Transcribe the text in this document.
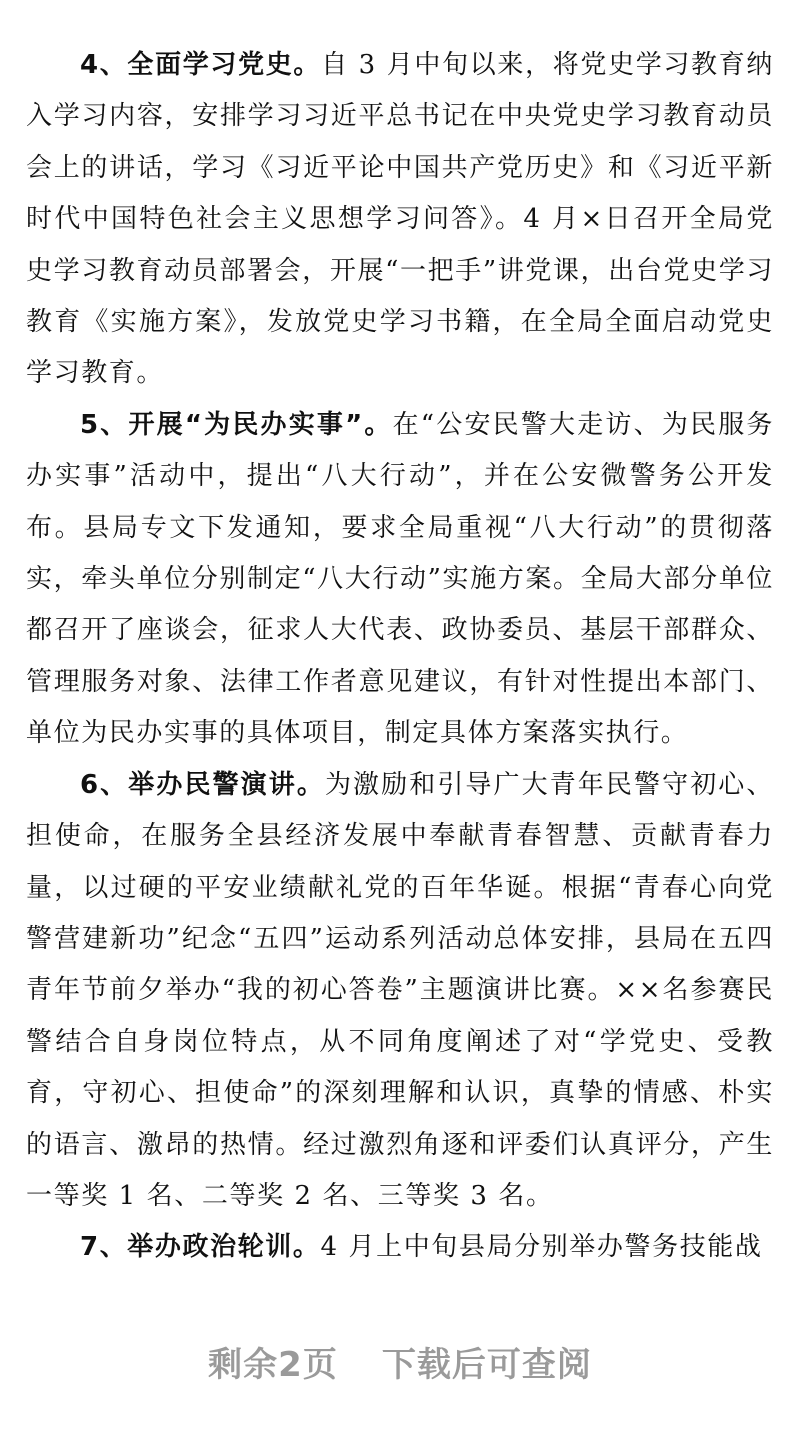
4、全面学习党史。自 3 月中旬以来，将党史学习教育纳入学习内容，安排学习习近平总书记在中央党史学习教育动员会上的讲话，学习《习近平论中国共产党历史》和《习近平新时代中国特色社会主义思想学习问答》。4 月×日召开全局党史学习教育动员部署会，开展“一把手”讲党课，出台党史学习教育《实施方案》，发放党史学习书籍，在全局全面启动党史学习教育。

5、开展“为民办实事”。在“公安民警大走访、为民服务办实事”活动中，提出“八大行动”，并在公安微警务公开发布。县局专文下发通知，要求全局重视“八大行动”的贯彻落实，牵头单位分别制定“八大行动”实施方案。全局大部分单位都召开了座谈会，征求人大代表、政协委员、基层干部群众、管理服务对象、法律工作者意见建议，有针对性提出本部门、单位为民办实事的具体项目，制定具体方案落实执行。

6、举办民警演讲。为激励和引导广大青年民警守初心、担使命，在服务全县经济发展中奉献青春智慧、贡献青春力量，以过硬的平安业绩献礼党的百年华诞。根据“青春心向党警营建新功”纪念“五四”运动系列活动总体安排，县局在五四青年节前夕举办“我的初心答卷”主题演讲比赛。××名参赛民警结合自身岗位特点，从不同角度阐述了对“学党史、受教育，守初心、担使命”的深刻理解和认识，真挚的情感、朴实的语言、激昂的热情。经过激烈角逐和评委们认真评分，产生一等奖 1 名、二等奖 2 名、三等奖 3 名。

7、举办政治轮训。4 月上中旬县局分别举办警务技能战

剩余2页 下载后可查阅
